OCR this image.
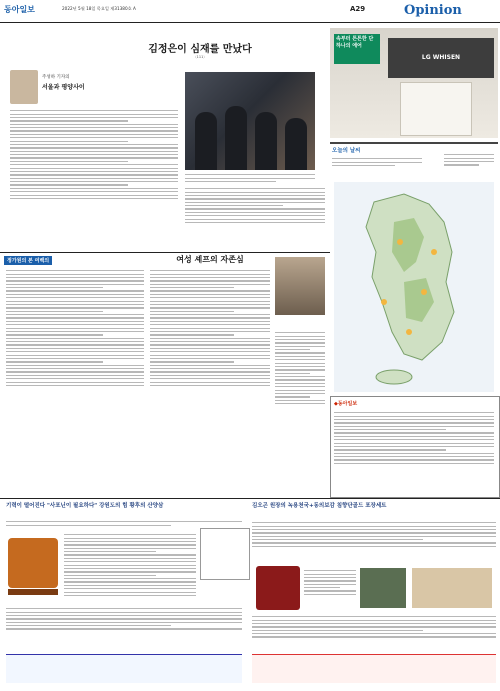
동아일보	2022년 5월 18일 목요일 제31380호 A	A29	Opinion
김정은이 심재를 만났다
〈111〉
주성하 기자의
서울과 평양사이
속부터 튼튼한 단 하나의 에어
LG WHISEN
오늘의 날씨
◆동아일보
정가원의 본 여백의	여성 셰프의 자존심
기력이 떨어진다 "사포닌이 필요하다" 강원도의 힘 황후의 산양삼	김오곤 원장의 녹용천국+동의보감 침향단골드 포장세트
